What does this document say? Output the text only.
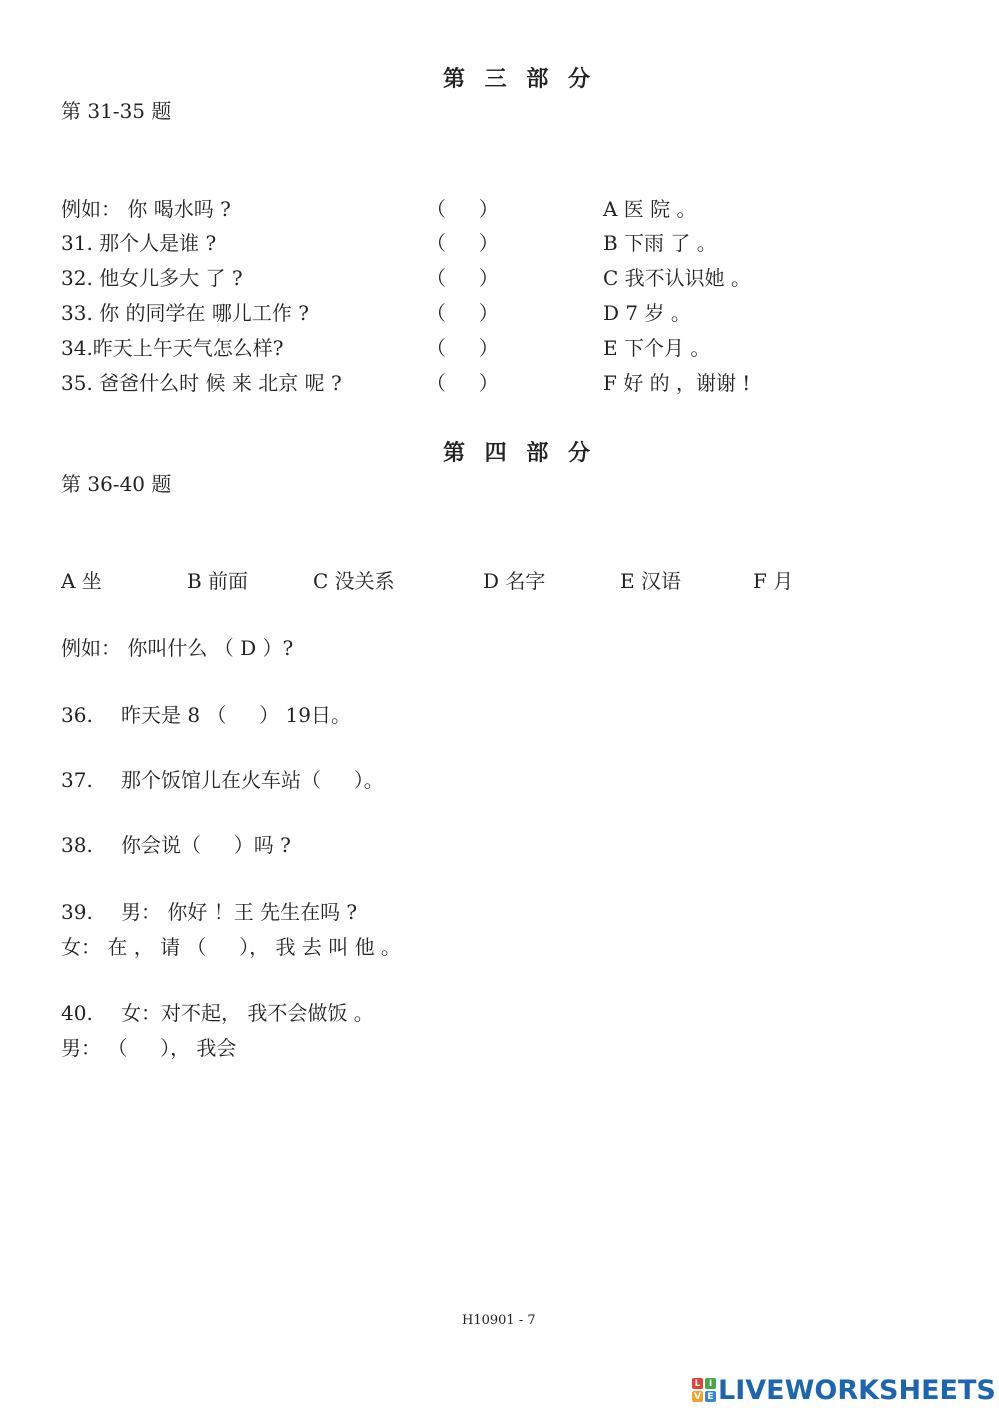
第 三 部 分
第 31-35 题
例如： 你 喝水吗 ?	（ 　 ）	A 医 院 。
31. 那个人是谁 ?	（ 　 ）	B 下雨 了 。
32. 他女儿多大 了 ?	（ 　 ）	C 我不认识她 。
33. 你 的同学在 哪儿工作 ?	（ 　 ）	D 7 岁 。
34.昨天上午天气怎么样?	（ 　 ）	E 下个月 。
35. 爸爸什么时 候 来 北京 呢 ?	（ 　 ）	F 好 的 ，谢谢 !
第 四 部 分
第 36-40 题
A 坐	B 前面	C 没关系	D 名字	E 汉语	F 月
例如： 你叫什么 （ D ）?
36. 昨天是 8 （ 　 ） 19日。
37. 那个饭馆儿在火车站（ 　 ）。
38. 你会说（ 　 ）吗 ?
39. 男： 你好 ！王 先生在吗 ?
女： 在 ， 请 （ 　 ）， 我 去 叫 他 。
40. 女：对不起， 我不会做饭 。
男： （ 　 ）， 我会
H10901 - 7
L I
V E LIVEWORKSHEETS
